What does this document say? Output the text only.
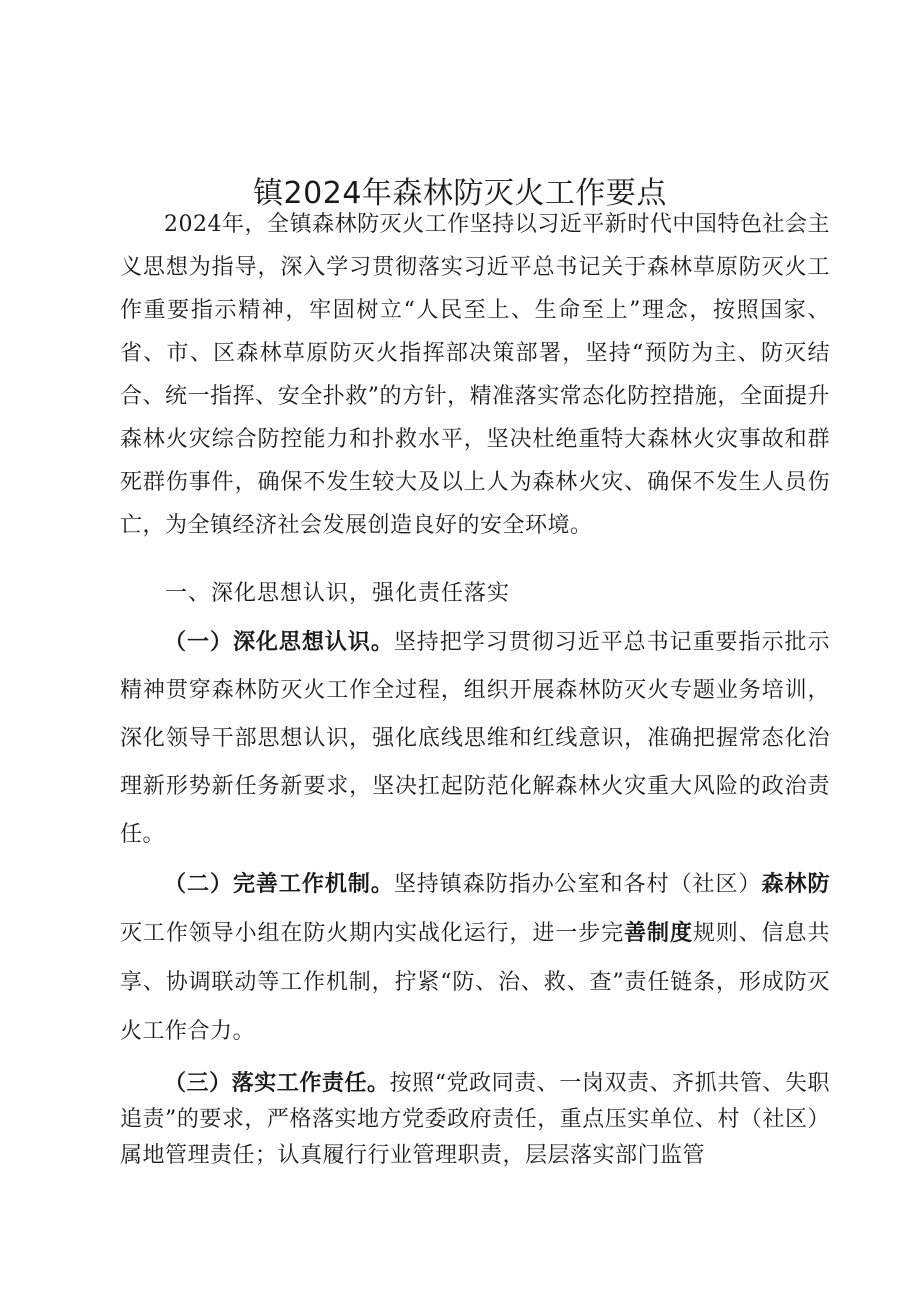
镇2024年森林防灭火工作要点

2024年，全镇森林防灭火工作坚持以习近平新时代中国特色社会主义思想为指导，深入学习贯彻落实习近平总书记关于森林草原防灭火工作重要指示精神，牢固树立“人民至上、生命至上”理念，按照国家、省、市、区森林草原防灭火指挥部决策部署，坚持“预防为主、防灭结合、统一指挥、安全扑救”的方针，精准落实常态化防控措施，全面提升森林火灾综合防控能力和扑救水平，坚决杜绝重特大森林火灾事故和群死群伤事件，确保不发生较大及以上人为森林火灾、确保不发生人员伤亡，为全镇经济社会发展创造良好的安全环境。

一、深化思想认识，强化责任落实

（一）深化思想认识。坚持把学习贯彻习近平总书记重要指示批示精神贯穿森林防灭火工作全过程，组织开展森林防灭火专题业务培训，深化领导干部思想认识，强化底线思维和红线意识，准确把握常态化治理新形势新任务新要求，坚决扛起防范化解森林火灾重大风险的政治责任。

（二）完善工作机制。坚持镇森防指办公室和各村（社区）森林防灭工作领导小组在防火期内实战化运行，进一步完善制度规则、信息共享、协调联动等工作机制，拧紧“防、治、救、查”责任链条，形成防灭火工作合力。

（三）落实工作责任。按照“党政同责、一岗双责、齐抓共管、失职追责”的要求，严格落实地方党委政府责任，重点压实单位、村（社区）属地管理责任；认真履行行业管理职责，层层落实部门监管
